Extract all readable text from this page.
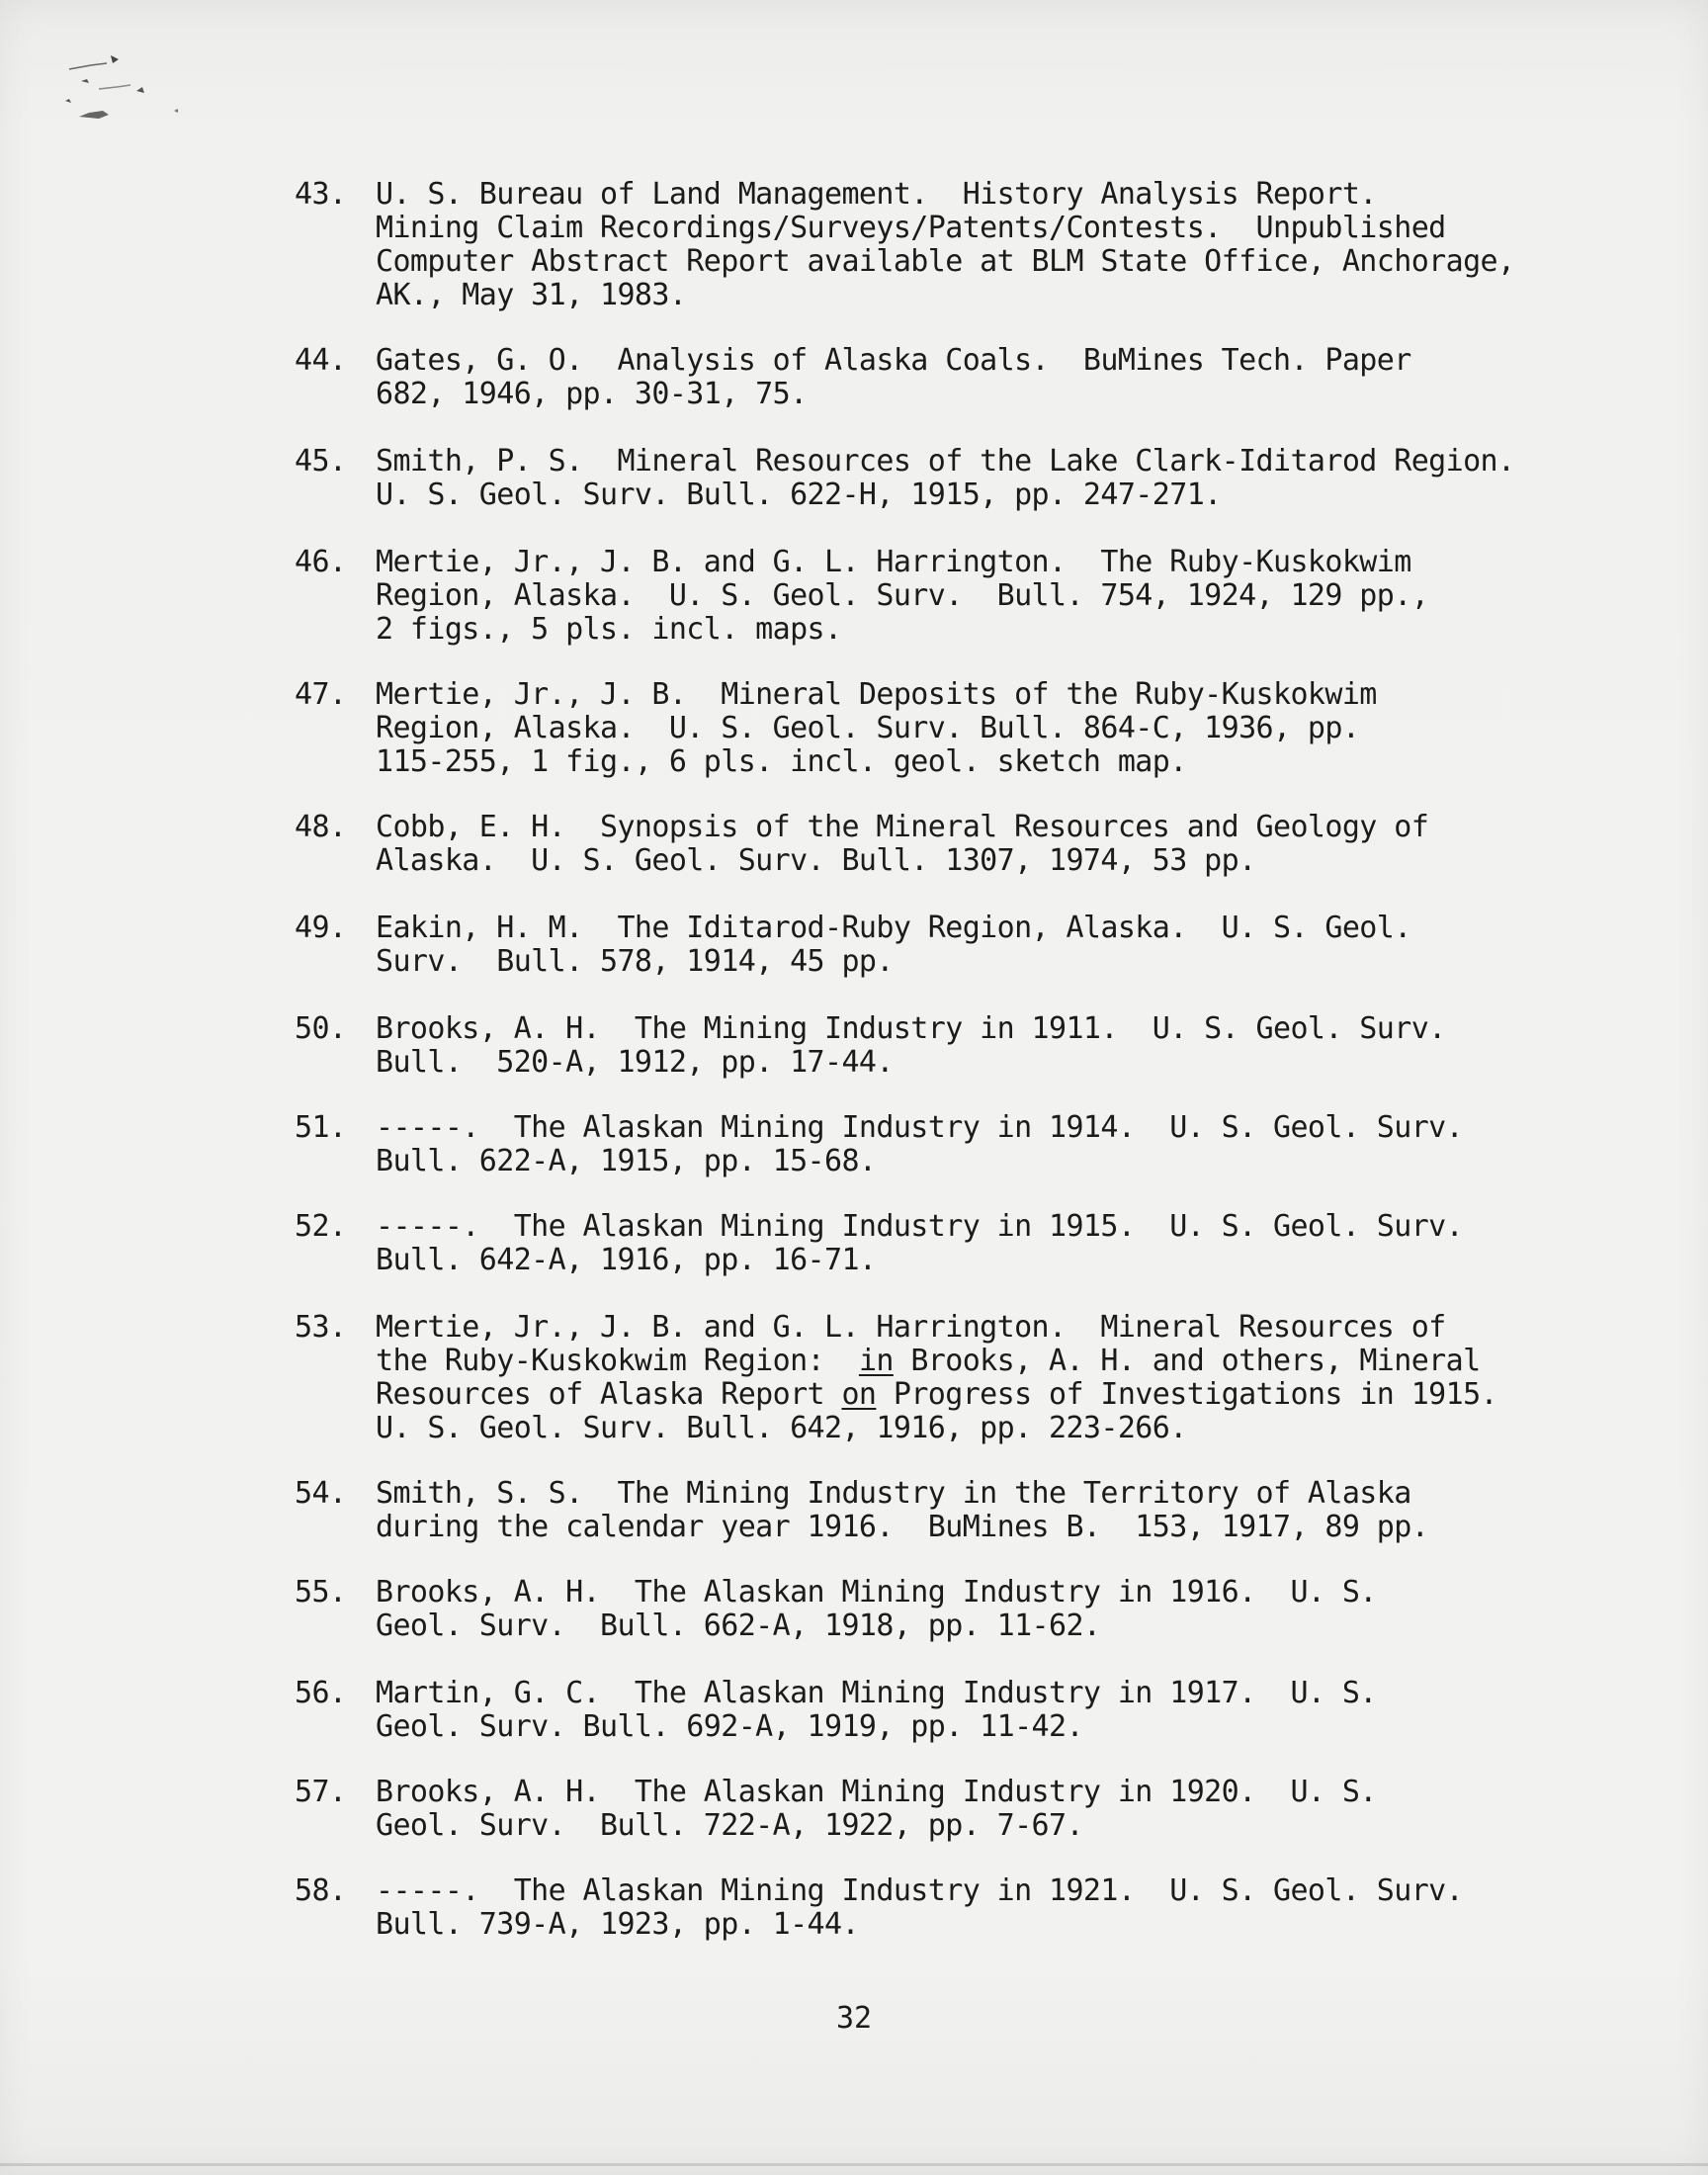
43. U. S. Bureau of Land Management.  History Analysis Report.
Mining Claim Recordings/Surveys/Patents/Contests.  Unpublished
Computer Abstract Report available at BLM State Office, Anchorage,
AK., May 31, 1983.
44. Gates, G. O.  Analysis of Alaska Coals.  BuMines Tech. Paper
682, 1946, pp. 30-31, 75.
45. Smith, P. S.  Mineral Resources of the Lake Clark-Iditarod Region.
U. S. Geol. Surv. Bull. 622-H, 1915, pp. 247-271.
46. Mertie, Jr., J. B. and G. L. Harrington.  The Ruby-Kuskokwim
Region, Alaska.  U. S. Geol. Surv.  Bull. 754, 1924, 129 pp.,
2 figs., 5 pls. incl. maps.
47. Mertie, Jr., J. B.  Mineral Deposits of the Ruby-Kuskokwim
Region, Alaska.  U. S. Geol. Surv. Bull. 864-C, 1936, pp.
115-255, 1 fig., 6 pls. incl. geol. sketch map.
48. Cobb, E. H.  Synopsis of the Mineral Resources and Geology of
Alaska.  U. S. Geol. Surv. Bull. 1307, 1974, 53 pp.
49. Eakin, H. M.  The Iditarod-Ruby Region, Alaska.  U. S. Geol.
Surv.  Bull. 578, 1914, 45 pp.
50. Brooks, A. H.  The Mining Industry in 1911.  U. S. Geol. Surv.
Bull.  520-A, 1912, pp. 17-44.
51. -----.  The Alaskan Mining Industry in 1914.  U. S. Geol. Surv.
Bull. 622-A, 1915, pp. 15-68.
52. -----.  The Alaskan Mining Industry in 1915.  U. S. Geol. Surv.
Bull. 642-A, 1916, pp. 16-71.
53. Mertie, Jr., J. B. and G. L. Harrington.  Mineral Resources of
the Ruby-Kuskokwim Region:  in Brooks, A. H. and others, Mineral
Resources of Alaska Report on Progress of Investigations in 1915.
U. S. Geol. Surv. Bull. 642, 1916, pp. 223-266.
54. Smith, S. S.  The Mining Industry in the Territory of Alaska
during the calendar year 1916.  BuMines B.  153, 1917, 89 pp.
55. Brooks, A. H.  The Alaskan Mining Industry in 1916.  U. S.
Geol. Surv.  Bull. 662-A, 1918, pp. 11-62.
56. Martin, G. C.  The Alaskan Mining Industry in 1917.  U. S.
Geol. Surv. Bull. 692-A, 1919, pp. 11-42.
57. Brooks, A. H.  The Alaskan Mining Industry in 1920.  U. S.
Geol. Surv.  Bull. 722-A, 1922, pp. 7-67.
58. -----.  The Alaskan Mining Industry in 1921.  U. S. Geol. Surv.
Bull. 739-A, 1923, pp. 1-44.
32
